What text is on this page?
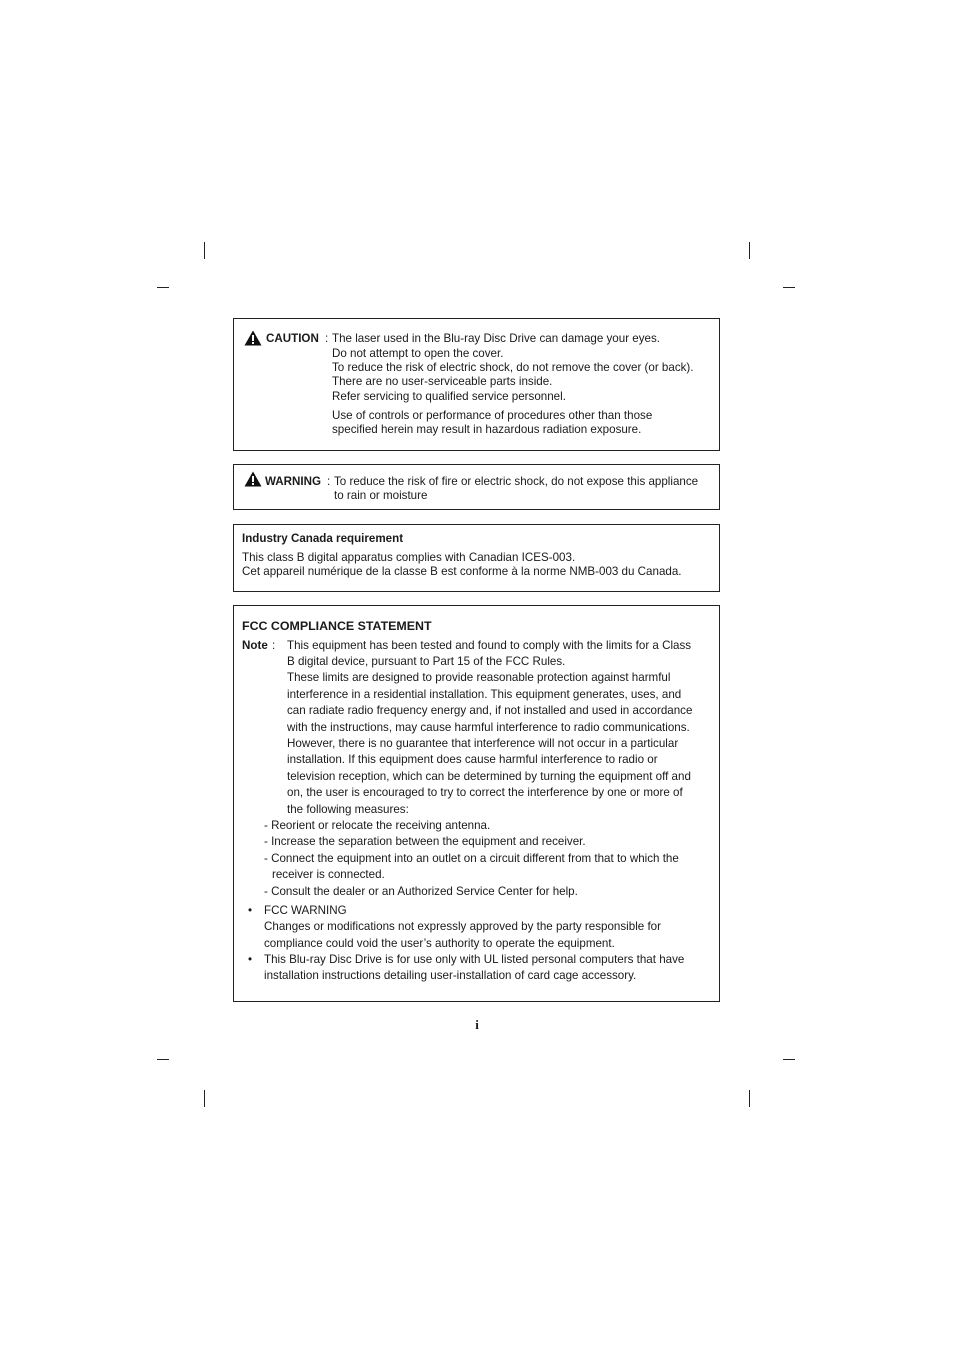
CAUTION : The laser used in the Blu-ray Disc Drive can damage your eyes.
Do not attempt to open the cover.
To reduce the risk of electric shock, do not remove the cover (or back).
There are no user-serviceable parts inside.
Refer servicing to qualified service personnel.
Use of controls or performance of procedures other than those
specified herein may result in hazardous radiation exposure.
WARNING : To reduce the risk of fire or electric shock, do not expose this appliance
to rain or moisture
Industry Canada requirement
This class B digital apparatus complies with Canadian ICES-003.
Cet appareil numérique de la classe B est conforme à la norme NMB-003 du Canada.
FCC COMPLIANCE STATEMENT
Note : This equipment has been tested and found to comply with the limits for a Class
B digital device, pursuant to Part 15 of the FCC Rules.
These limits are designed to provide reasonable protection against harmful
interference in a residential installation. This equipment generates, uses, and
can radiate radio frequency energy and, if not installed and used in accordance
with the instructions, may cause harmful interference to radio communications.
However, there is no guarantee that interference will not occur in a particular
installation. If this equipment does cause harmful interference to radio or
television reception, which can be determined by turning the equipment off and
on, the user is encouraged to try to correct the interference by one or more of
the following measures:
- Reorient or relocate the receiving antenna.
- Increase the separation between the equipment and receiver.
- Connect the equipment into an outlet on a circuit different from that to which the
receiver is connected.
- Consult the dealer or an Authorized Service Center for help.
• FCC WARNING
Changes or modifications not expressly approved by the party responsible for
compliance could void the user’s authority to operate the equipment.
• This Blu-ray Disc Drive is for use only with UL listed personal computers that have
installation instructions detailing user-installation of card cage accessory.
i
